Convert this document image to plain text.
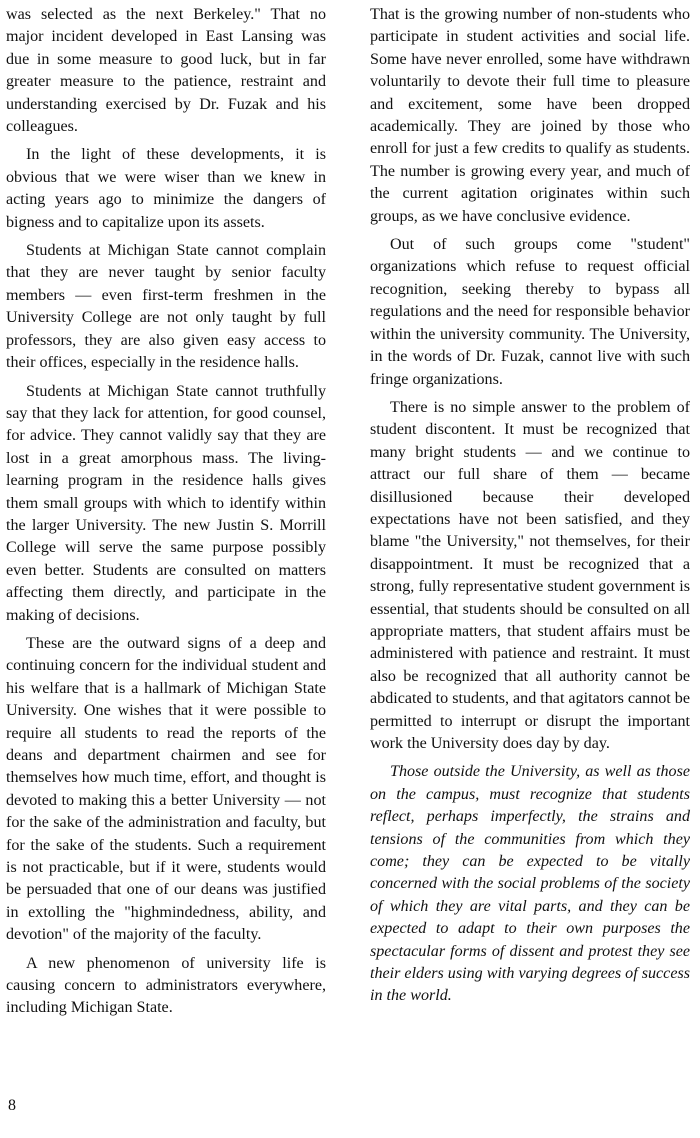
was selected as the next Berkeley." That no major incident developed in East Lansing was due in some measure to good luck, but in far greater measure to the patience, restraint and understanding exercised by Dr. Fuzak and his colleagues.

In the light of these developments, it is obvious that we were wiser than we knew in acting years ago to minimize the dangers of bigness and to capitalize upon its assets.

Students at Michigan State cannot complain that they are never taught by senior faculty members — even first-term freshmen in the University College are not only taught by full professors, they are also given easy access to their offices, especially in the residence halls.

Students at Michigan State cannot truthfully say that they lack for attention, for good counsel, for advice. They cannot validly say that they are lost in a great amorphous mass. The living-learning program in the residence halls gives them small groups with which to identify within the larger University. The new Justin S. Morrill College will serve the same purpose possibly even better. Students are consulted on matters affecting them directly, and participate in the making of decisions.

These are the outward signs of a deep and continuing concern for the individual student and his welfare that is a hallmark of Michigan State University. One wishes that it were possible to require all students to read the reports of the deans and department chairmen and see for themselves how much time, effort, and thought is devoted to making this a better University — not for the sake of the administration and faculty, but for the sake of the students. Such a requirement is not practicable, but if it were, students would be persuaded that one of our deans was justified in extolling the "highmindedness, ability, and devotion" of the majority of the faculty.

A new phenomenon of university life is causing concern to administrators everywhere, including Michigan State.

That is the growing number of non-students who participate in student activities and social life. Some have never enrolled, some have withdrawn voluntarily to devote their full time to pleasure and excitement, some have been dropped academically. They are joined by those who enroll for just a few credits to qualify as students. The number is growing every year, and much of the current agitation originates within such groups, as we have conclusive evidence.

Out of such groups come "student" organizations which refuse to request official recognition, seeking thereby to bypass all regulations and the need for responsible behavior within the university community. The University, in the words of Dr. Fuzak, cannot live with such fringe organizations.

There is no simple answer to the problem of student discontent. It must be recognized that many bright students — and we continue to attract our full share of them — became disillusioned because their developed expectations have not been satisfied, and they blame "the University," not themselves, for their disappointment. It must be recognized that a strong, fully representative student government is essential, that students should be consulted on all appropriate matters, that student affairs must be administered with patience and restraint. It must also be recognized that all authority cannot be abdicated to students, and that agitators cannot be permitted to interrupt or disrupt the important work the University does day by day.

Those outside the University, as well as those on the campus, must recognize that students reflect, perhaps imperfectly, the strains and tensions of the communities from which they come; they can be expected to be vitally concerned with the social problems of the society of which they are vital parts, and they can be expected to adapt to their own purposes the spectacular forms of dissent and protest they see their elders using with varying degrees of success in the world.

8
